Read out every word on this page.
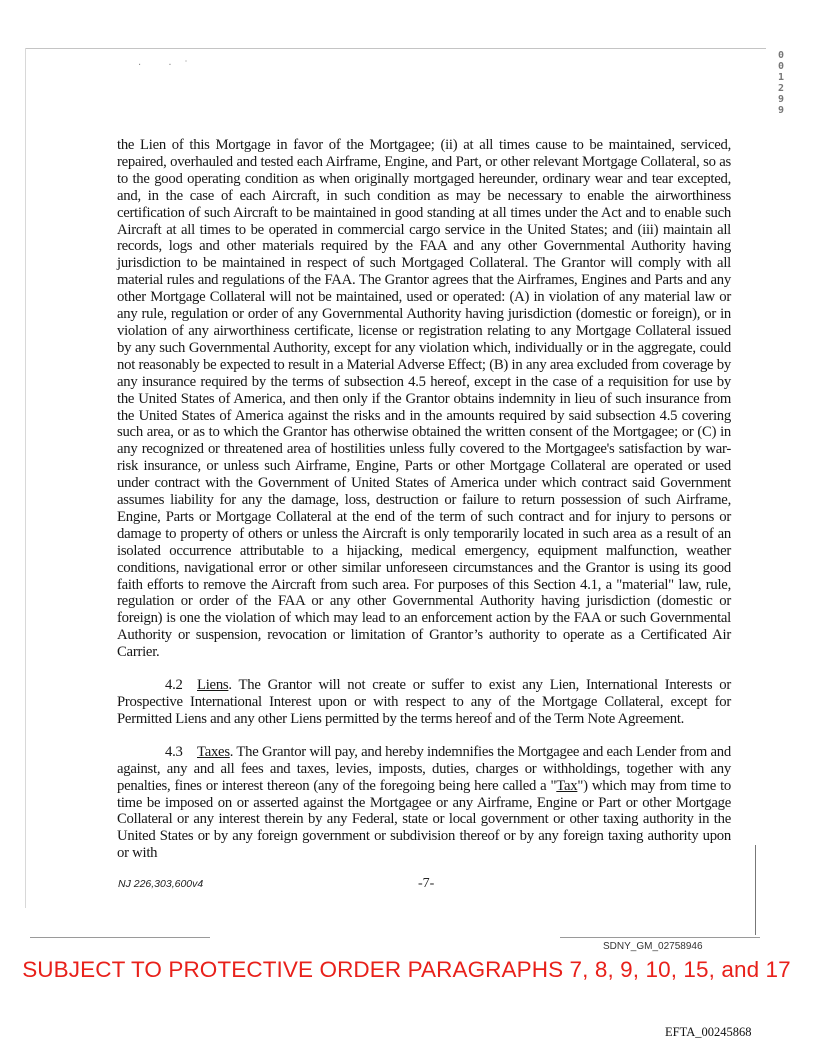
· ·˙
001299

the Lien of this Mortgage in favor of the Mortgagee; (ii) at all times cause to be maintained, serviced, repaired, overhauled and tested each Airframe, Engine, and Part, or other relevant Mortgage Collateral, so as to the good operating condition as when originally mortgaged hereunder, ordinary wear and tear excepted, and, in the case of each Aircraft, in such condition as may be necessary to enable the airworthiness certification of such Aircraft to be maintained in good standing at all times under the Act and to enable such Aircraft at all times to be operated in commercial cargo service in the United States; and (iii) maintain all records, logs and other materials required by the FAA and any other Governmental Authority having jurisdiction to be maintained in respect of such Mortgaged Collateral. The Grantor will comply with all material rules and regulations of the FAA. The Grantor agrees that the Airframes, Engines and Parts and any other Mortgage Collateral will not be maintained, used or operated: (A) in violation of any material law or any rule, regulation or order of any Governmental Authority having jurisdiction (domestic or foreign), or in violation of any airworthiness certificate, license or registration relating to any Mortgage Collateral issued by any such Governmental Authority, except for any violation which, individually or in the aggregate, could not reasonably be expected to result in a Material Adverse Effect; (B) in any area excluded from coverage by any insurance required by the terms of subsection 4.5 hereof, except in the case of a requisition for use by the United States of America, and then only if the Grantor obtains indemnity in lieu of such insurance from the United States of America against the risks and in the amounts required by said subsection 4.5 covering such area, or as to which the Grantor has otherwise obtained the written consent of the Mortgagee; or (C) in any recognized or threatened area of hostilities unless fully covered to the Mortgagee's satisfaction by war-risk insurance, or unless such Airframe, Engine, Parts or other Mortgage Collateral are operated or used under contract with the Government of United States of America under which contract said Government assumes liability for any the damage, loss, destruction or failure to return possession of such Airframe, Engine, Parts or Mortgage Collateral at the end of the term of such contract and for injury to persons or damage to property of others or unless the Aircraft is only temporarily located in such area as a result of an isolated occurrence attributable to a hijacking, medical emergency, equipment malfunction, weather conditions, navigational error or other similar unforeseen circumstances and the Grantor is using its good faith efforts to remove the Aircraft from such area. For purposes of this Section 4.1, a "material" law, rule, regulation or order of the FAA or any other Governmental Authority having jurisdiction (domestic or foreign) is one the violation of which may lead to an enforcement action by the FAA or such Governmental Authority or suspension, revocation or limitation of Grantor’s authority to operate as a Certificated Air Carrier.

4.2 Liens. The Grantor will not create or suffer to exist any Lien, International Interests or Prospective International Interest upon or with respect to any of the Mortgage Collateral, except for Permitted Liens and any other Liens permitted by the terms hereof and of the Term Note Agreement.

4.3 Taxes. The Grantor will pay, and hereby indemnifies the Mortgagee and each Lender from and against, any and all fees and taxes, levies, imposts, duties, charges or withholdings, together with any penalties, fines or interest thereon (any of the foregoing being here called a "Tax") which may from time to time be imposed on or asserted against the Mortgagee or any Airframe, Engine or Part or other Mortgage Collateral or any interest therein by any Federal, state or local government or other taxing authority in the United States or by any foreign government or subdivision thereof or by any foreign taxing authority upon or with

NJ 226,303,600v4	-7-
SDNY_GM_02758946
SUBJECT TO PROTECTIVE ORDER PARAGRAPHS 7, 8, 9, 10, 15, and 17
EFTA_00245868
